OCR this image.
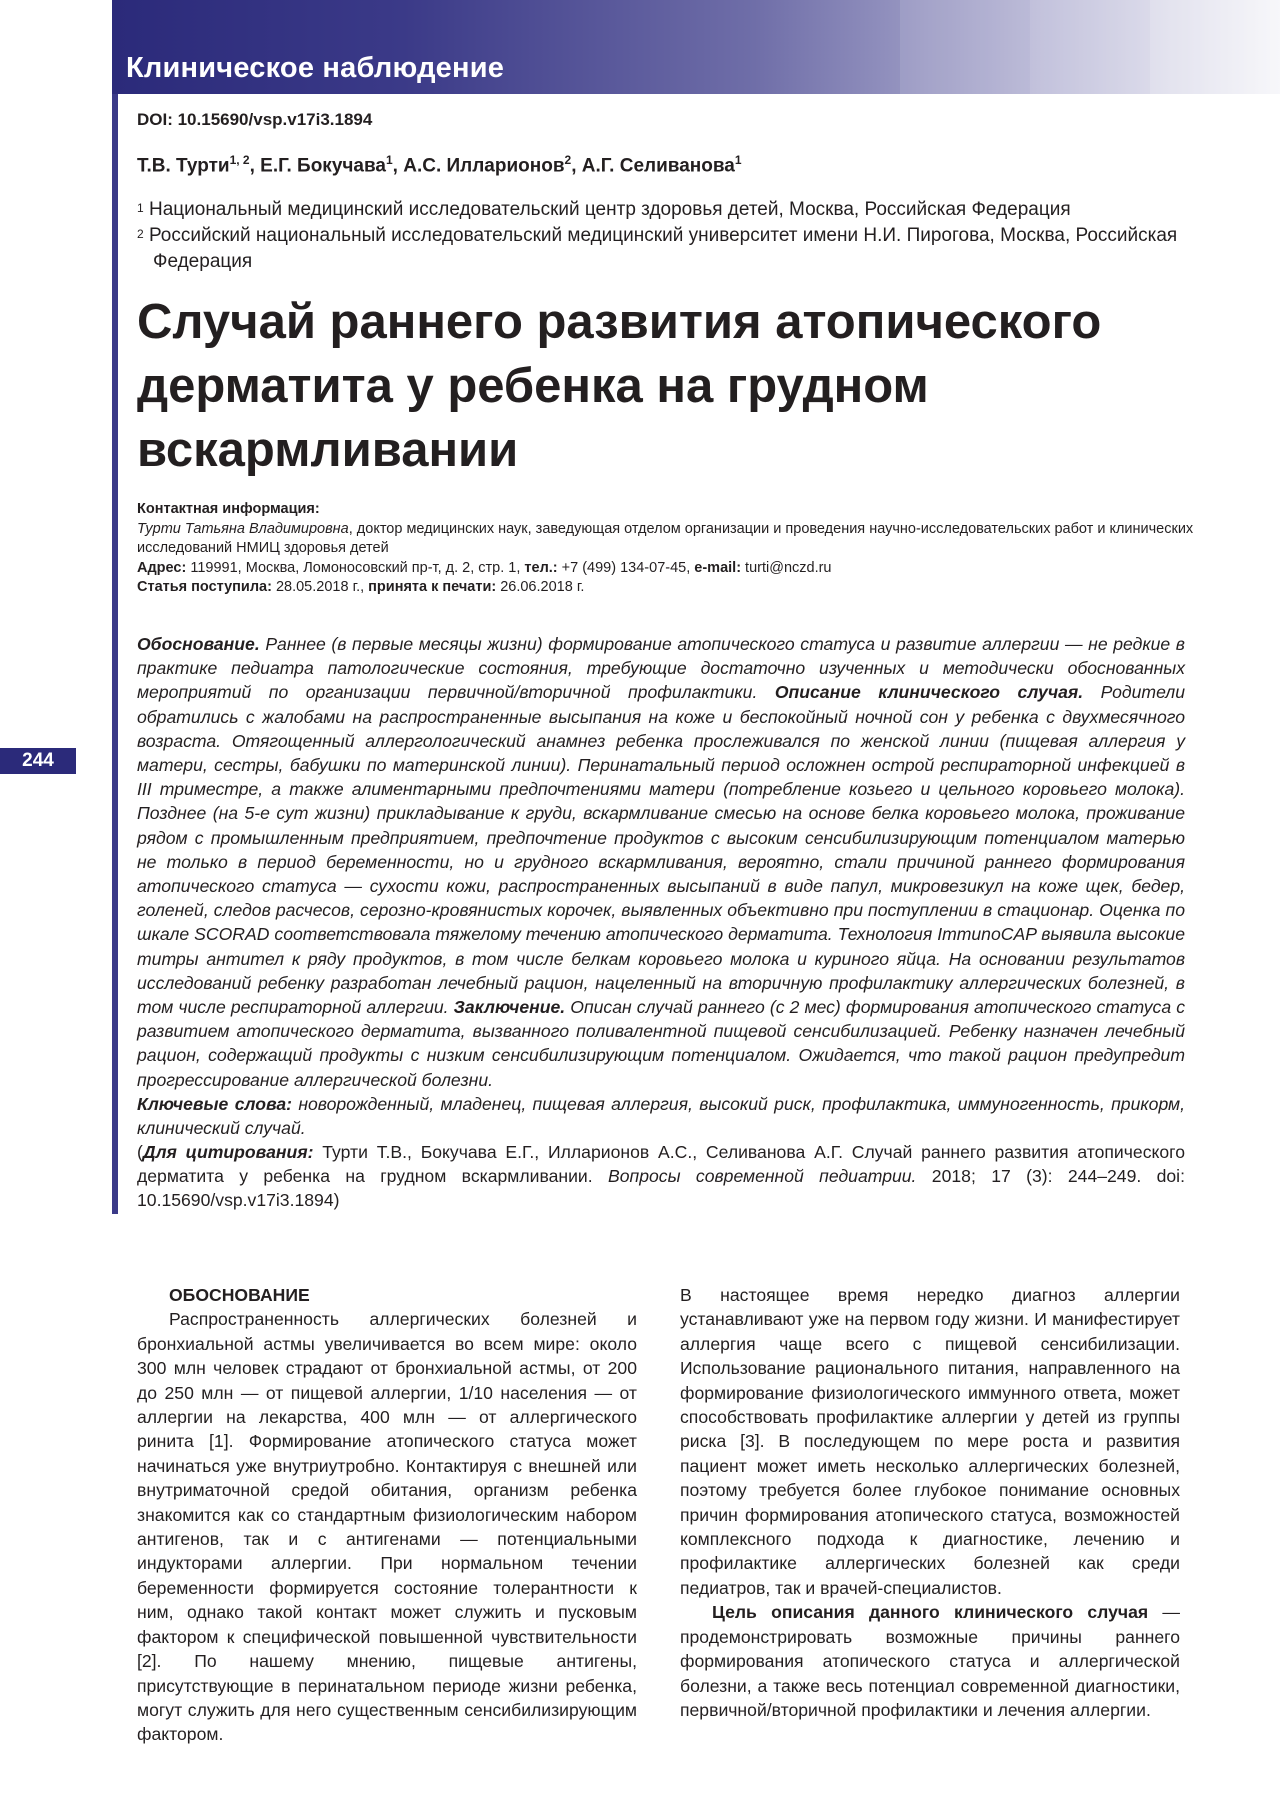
Клиническое наблюдение
DOI: 10.15690/vsp.v17i3.1894
Т.В. Турти$^{1, 2}$, Е.Г. Бокучава$^1$, А.С. Илларионов$^2$, А.Г. Селиванова$^1$
$^1$ Национальный медицинский исследовательский центр здоровья детей, Москва, Российская Федерация
$^2$ Российский национальный исследовательский медицинский университет имени Н.И. Пирогова, Москва, Российская Федерация
Случай раннего развития атопического дерматита у ребенка на грудном вскармливании
Контактная информация:
Турти Татьяна Владимировна, доктор медицинских наук, заведующая отделом организации и проведения научно-исследовательских работ и клинических исследований НМИЦ здоровья детей
Адрес: 119991, Москва, Ломоносовский пр-т, д. 2, стр. 1, тел.: +7 (499) 134-07-45, e-mail: turti@nczd.ru
Статья поступила: 28.05.2018 г., принята к печати: 26.06.2018 г.
Обоснование. Раннее (в первые месяцы жизни) формирование атопического статуса и развитие аллергии — не редкие в практике педиатра патологические состояния, требующие достаточно изученных и методически обоснованных мероприятий по организации первичной/вторичной профилактики. Описание клинического случая. Родители обратились с жалобами на распространенные высыпания на коже и беспокойный ночной сон у ребенка с двухмесячного возраста. Отягощенный аллергологический анамнез ребенка прослеживался по женской линии (пищевая аллергия у матери, сестры, бабушки по материнской линии). Перинатальный период осложнен острой респираторной инфекцией в III триместре, а также алиментарными предпочтениями матери (потребление козьего и цельного коровьего молока). Позднее (на 5-е сут жизни) прикладывание к груди, вскармливание смесью на основе белка коровьего молока, проживание рядом с промышленным предприятием, предпочтение продуктов с высоким сенсибилизирующим потенциалом матерью не только в период беременности, но и грудного вскармливания, вероятно, стали причиной раннего формирования атопического статуса — сухости кожи, распространенных высыпаний в виде папул, микровезикул на коже щек, бедер, голеней, следов расчесов, серозно-кровянистых корочек, выявленных объективно при поступлении в стационар. Оценка по шкале SCORAD соответствовала тяжелому течению атопического дерматита. Технология ImmunoCAP выявила высокие титры антител к ряду продуктов, в том числе белкам коровьего молока и куриного яйца. На основании результатов исследований ребенку разработан лечебный рацион, нацеленный на вторичную профилактику аллергических болезней, в том числе респираторной аллергии. Заключение. Описан случай раннего (с 2 мес) формирования атопического статуса с развитием атопического дерматита, вызванного поливалентной пищевой сенсибилизацией. Ребенку назначен лечебный рацион, содержащий продукты с низким сенсибилизирующим потенциалом. Ожидается, что такой рацион предупредит прогрессирование аллергической болезни.
Ключевые слова: новорожденный, младенец, пищевая аллергия, высокий риск, профилактика, иммуногенность, прикорм, клинический случай.
(Для цитирования: Турти Т.В., Бокучава Е.Г., Илларионов А.С., Селиванова А.Г. Случай раннего развития атопического дерматита у ребенка на грудном вскармливании. Вопросы современной педиатрии. 2018; 17 (3): 244–249. doi: 10.15690/vsp.v17i3.1894)
244
ОБОСНОВАНИЕ

Распространенность аллергических болезней и бронхиальной астмы увеличивается во всем мире: около 300 млн человек страдают от бронхиальной астмы, от 200 до 250 млн — от пищевой аллергии, 1/10 населения — от аллергии на лекарства, 400 млн — от аллергического ринита [1]. Формирование атопического статуса может начинаться уже внутриутробно. Контактируя с внешней или внутриматочной средой обитания, организм ребенка знакомится как со стандартным физиологическим набором антигенов, так и с антигенами — потенциальными индукторами аллергии. При нормальном течении беременности формируется состояние толерантности к ним, однако такой контакт может служить и пусковым фактором к специфической повышенной чувствительности [2]. По нашему мнению, пищевые антигены, присутствующие в перинатальном периоде жизни ребенка, могут служить для него существенным сенсибилизирующим фактором.

В настоящее время нередко диагноз аллергии устанавливают уже на первом году жизни. И манифестирует аллергия чаще всего с пищевой сенсибилизации. Использование рационального питания, направленного на формирование физиологического иммунного ответа, может способствовать профилактике аллергии у детей из группы риска [3]. В последующем по мере роста и развития пациент может иметь несколько аллергических болезней, поэтому требуется более глубокое понимание основных причин формирования атопического статуса, возможностей комплексного подхода к диагностике, лечению и профилактике аллергических болезней как среди педиатров, так и врачей-специалистов.

Цель описания данного клинического случая — продемонстрировать возможные причины раннего формирования атопического статуса и аллергической болезни, а также весь потенциал современной диагностики, первичной/вторичной профилактики и лечения аллергии.
